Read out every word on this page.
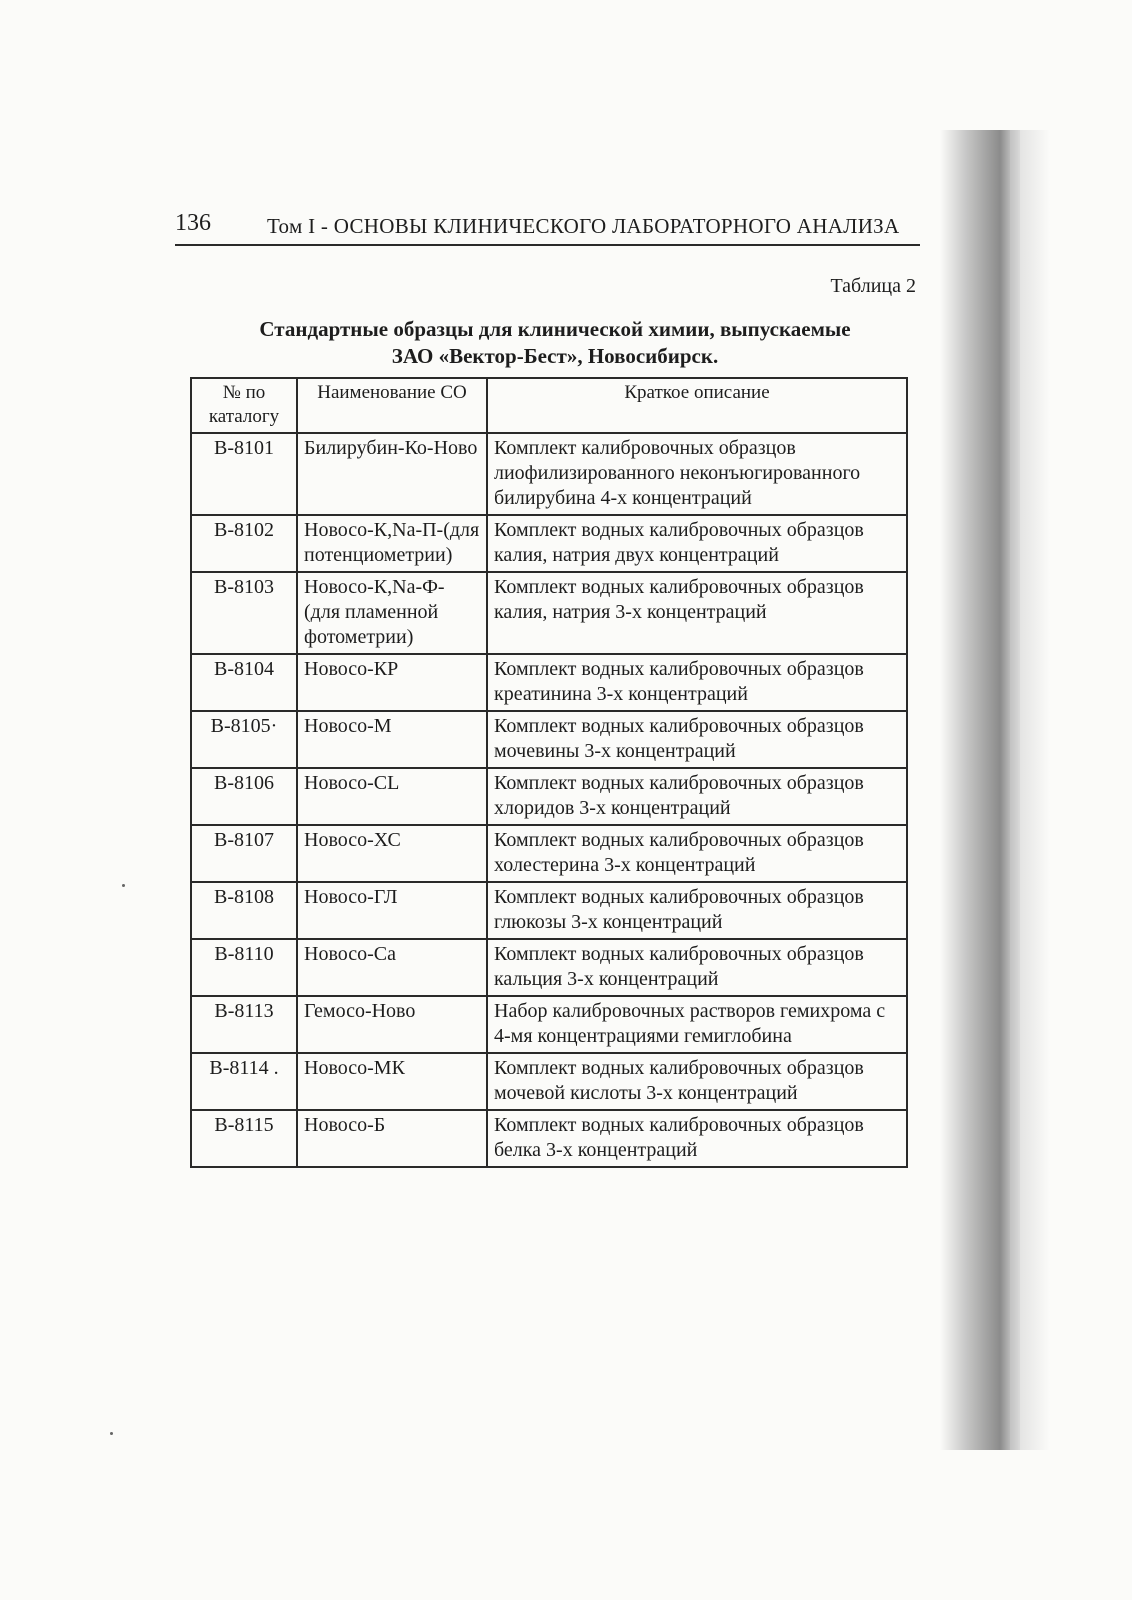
136	Том I - ОСНОВЫ КЛИНИЧЕСКОГО ЛАБОРАТОРНОГО АНАЛИЗА
Таблица 2
Стандартные образцы для клинической химии, выпускаемые
ЗАО «Вектор-Бест», Новосибирск.
№ по каталогу	Наименование СО	Краткое описание
В-8101	Билирубин-Ко-Ново	Комплект калибровочных образцов лиофилизированного неконъюгированного билирубина 4-х концентраций
В-8102	Новосо-К,Na-П-(для потенциометрии)	Комплект водных калибровочных образцов калия, натрия двух концентраций
В-8103	Новосо-К,Na-Ф-(для пламенной фотометрии)	Комплект водных калибровочных образцов калия, натрия 3-х концентраций
В-8104	Новосо-КР	Комплект водных калибровочных образцов креатинина 3-х концентраций
В-8105·	Новосо-М	Комплект водных калибровочных образцов мочевины 3-х концентраций
В-8106	Новосо-CL	Комплект водных калибровочных образцов хлоридов 3-х концентраций
В-8107	Новосо-ХС	Комплект водных калибровочных образцов холестерина 3-х концентраций
В-8108	Новосо-ГЛ	Комплект водных калибровочных образцов глюкозы 3-х концентраций
В-8110	Новосо-Са	Комплект водных калибровочных образцов кальция 3-х концентраций
В-8113	Гемосо-Ново	Набор калибровочных растворов гемихрома с 4-мя концентрациями гемиглобина
В-8114 .	Новосо-МК	Комплект водных калибровочных образцов мочевой кислоты 3-х концентраций
В-8115	Новосо-Б	Комплект водных калибровочных образцов белка 3-х концентраций
